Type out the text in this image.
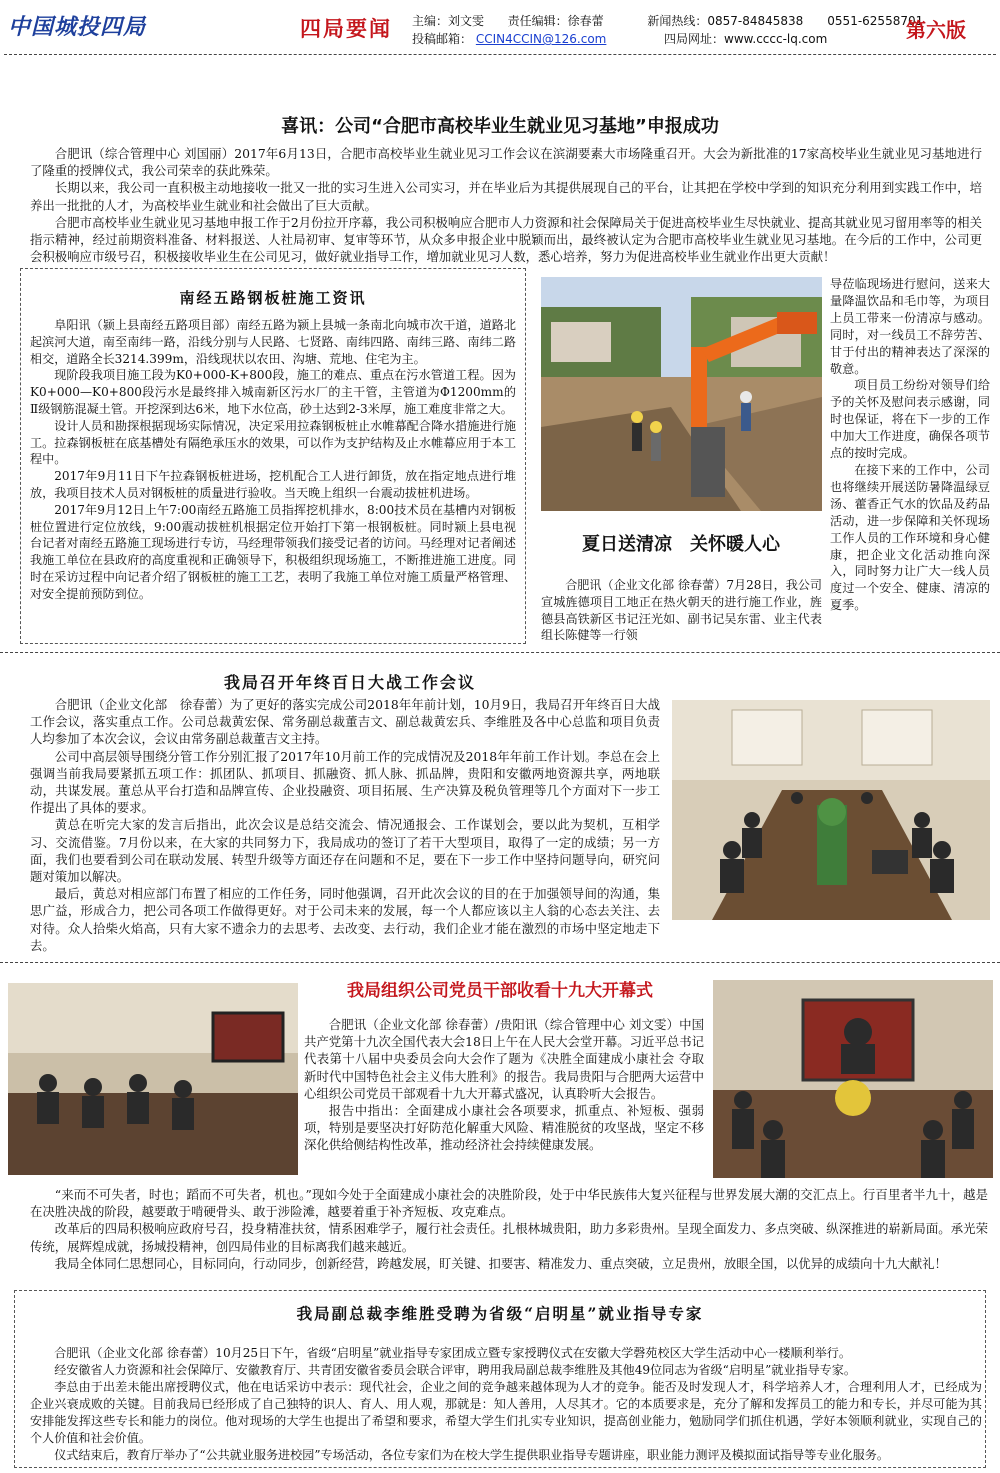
中国城投四局	四局要闻 主编：刘文雯 责任编辑：徐春蕾	新闻热线：0857-84845838　　0551-62558701
投稿邮箱： CCIN4CCIN@126.com	四局网址：www.cccc-lq.com	第六版
喜讯：公司“合肥市高校毕业生就业见习基地”申报成功

合肥讯（综合管理中心 刘国丽）2017年6月13日，合肥市高校毕业生就业见习工作会议在滨湖要素大市场隆重召开。大会为新批准的17家高校毕业生就业见习基地进行了隆重的授牌仪式，我公司荣幸的获此殊荣。

长期以来，我公司一直积极主动地接收一批又一批的实习生进入公司实习，并在毕业后为其提供展现自己的平台，让其把在学校中学到的知识充分利用到实践工作中，培养出一批批的人才，为高校毕业生就业和社会做出了巨大贡献。

合肥市高校毕业生就业见习基地申报工作于2月份拉开序幕，我公司积极响应合肥市人力资源和社会保障局关于促进高校毕业生尽快就业、提高其就业见习留用率等的相关指示精神，经过前期资料准备、材料报送、人社局初审、复审等环节，从众多申报企业中脱颖而出，最终被认定为合肥市高校毕业生就业见习基地。在今后的工作中，公司更会积极响应市级号召，积极接收毕业生在公司见习，做好就业指导工作，增加就业见习人数，悉心培养，努力为促进高校毕业生就业作出更大贡献！

南经五路钢板桩施工资讯

阜阳讯（颍上县南经五路项目部）南经五路为颍上县城一条南北向城市次干道，道路北起滨河大道，南至南纬一路，沿线分别与人民路、七贤路、南纬四路、南纬三路、南纬二路相交，道路全长3214.399m，沿线现状以农田、沟塘、荒地、住宅为主。

现阶段我项目施工段为K0+000-K+800段，施工的难点、重点在污水管道工程。因为K0+000—K0+800段污水是最终排入城南新区污水厂的主干管，主管道为Φ1200mm的Ⅱ级钢筋混凝土管。开挖深到达6米，地下水位高，砂土达到2-3米厚，施工难度非常之大。

设计人员和勘探根据现场实际情况，决定采用拉森钢板桩止水帷幕配合降水措施进行施工。拉森钢板桩在底基槽处有隔绝承压水的效果，可以作为支护结构及止水帷幕应用于本工程中。

2017年9月11日下午拉森钢板桩进场，挖机配合工人进行卸货，放在指定地点进行堆放，我项目技术人员对钢板桩的质量进行验收。当天晚上组织一台震动拔桩机进场。

2017年9月12日上午7:00南经五路施工员指挥挖机排水，8:00技术员在基槽内对钢板桩位置进行定位放线，9:00震动拔桩机根据定位开始打下第一根钢板桩。同时颍上县电视台记者对南经五路施工现场进行专访，马经理带领我们接受记者的访问。马经理对记者阐述我施工单位在县政府的高度重视和正确领导下，积极组织现场施工，不断推进施工进度。同时在采访过程中向记者介绍了钢板桩的施工工艺，表明了我施工单位对施工质量严格管理、对安全提前预防到位。

夏日送清凉　关怀暖人心

合肥讯（企业文化部 徐春蕾）7月28日，我公司宣城旌德项目工地正在热火朝天的进行施工作业，旌德县高铁新区书记汪光如、副书记吴东雷、业主代表组长陈健等一行领

导莅临现场进行慰问，送来大量降温饮品和毛巾等，为项目上员工带来一份清凉与感动。同时，对一线员工不辞劳苦、甘于付出的精神表达了深深的敬意。

项目员工纷纷对领导们给予的关怀及慰问表示感谢，同时也保证，将在下一步的工作中加大工作进度，确保各项节点的按时完成。

在接下来的工作中，公司也将继续开展送防暑降温绿豆汤、藿香正气水的饮品及药品活动，进一步保障和关怀现场工作人员的工作环境和身心健康，把企业文化活动推向深入，同时努力让广大一线人员度过一个安全、健康、清凉的夏季。

我局召开年终百日大战工作会议

合肥讯（企业文化部　徐春蕾）为了更好的落实完成公司2018年年前计划，10月9日，我局召开年终百日大战工作会议，落实重点工作。公司总裁黄宏保、常务副总裁董吉文、副总裁黄宏兵、李维胜及各中心总监和项目负责人均参加了本次会议，会议由常务副总裁董吉文主持。

公司中高层领导围绕分管工作分别汇报了2017年10月前工作的完成情况及2018年年前工作计划。李总在会上强调当前我局要紧抓五项工作：抓团队、抓项目、抓融资、抓人脉、抓品牌，贵阳和安徽两地资源共享，两地联动，共谋发展。董总从平台打造和品牌宣传、企业投融资、项目拓展、生产决算及税负管理等几个方面对下一步工作提出了具体的要求。

黄总在听完大家的发言后指出，此次会议是总结交流会、情况通报会、工作谋划会，要以此为契机，互相学习、交流借鉴。7月份以来，在大家的共同努力下，我局成功的签订了若干大型项目，取得了一定的成绩；另一方面，我们也要看到公司在联动发展、转型升级等方面还存在问题和不足，要在下一步工作中坚持问题导向，研究问题对策加以解决。

最后，黄总对相应部门布置了相应的工作任务，同时他强调，召开此次会议的目的在于加强领导间的沟通，集思广益，形成合力，把公司各项工作做得更好。对于公司未来的发展，每一个人都应该以主人翁的心态去关注、去对待。众人拾柴火焰高，只有大家不遗余力的去思考、去改变、去行动，我们企业才能在激烈的市场中坚定地走下去。

我局组织公司党员干部收看十九大开幕式

合肥讯（企业文化部 徐春蕾）/贵阳讯（综合管理中心 刘文雯）中国共产党第十九次全国代表大会18日上午在人民大会堂开幕。习近平总书记代表第十八届中央委员会向大会作了题为《决胜全面建成小康社会 夺取新时代中国特色社会主义伟大胜利》的报告。我局贵阳与合肥两大运营中心组织公司党员干部观看十九大开幕式盛况，认真聆听大会报告。

报告中指出：全面建成小康社会各项要求，抓重点、补短板、强弱项，特别是要坚决打好防范化解重大风险、精准脱贫的攻坚战，坚定不移深化供给侧结构性改革，推动经济社会持续健康发展。

“来而不可失者，时也；蹈而不可失者，机也。”现如今处于全面建成小康社会的决胜阶段，处于中华民族伟大复兴征程与世界发展大潮的交汇点上。行百里者半九十，越是在决胜决战的阶段，越要敢于啃硬骨头、敢于涉险滩，越要着重于补齐短板、攻克难点。

改革后的四局积极响应政府号召，投身精准扶贫，情系困难学子，履行社会责任。扎根林城贵阳，助力多彩贵州。呈现全面发力、多点突破、纵深推进的崭新局面。承光荣传统，展辉煌成就，扬城投精神，创四局伟业的目标离我们越来越近。

我局全体同仁思想同心，目标同向，行动同步，创新经营，跨越发展，盯关键、扣要害、精准发力、重点突破，立足贵州，放眼全国，以优异的成绩向十九大献礼！

我局副总裁李维胜受聘为省级“启明星”就业指导专家

合肥讯（企业文化部 徐春蕾）10月25日下午，省级“启明星”就业指导专家团成立暨专家授聘仪式在安徽大学磬苑校区大学生活动中心一楼顺利举行。

经安徽省人力资源和社会保障厅、安徽教育厅、共青团安徽省委员会联合评审，聘用我局副总裁李维胜及其他49位同志为省级“启明星”就业指导专家。

李总由于出差未能出席授聘仪式，他在电话采访中表示：现代社会，企业之间的竞争越来越体现为人才的竞争。能否及时发现人才，科学培养人才，合理利用人才，已经成为企业兴衰成败的关键。目前我局已经形成了自己独特的识人、育人、用人观，那就是：知人善用，人尽其才。它的本质要求是，充分了解和发挥员工的能力和专长，并尽可能为其安排能发挥这些专长和能力的岗位。他对现场的大学生也提出了希望和要求，希望大学生们扎实专业知识，提高创业能力，勉励同学们抓住机遇，学好本领顺利就业，实现自己的个人价值和社会价值。

仪式结束后，教育厅举办了“公共就业服务进校园”专场活动，各位专家们为在校大学生提供职业指导专题讲座，职业能力测评及模拟面试指导等专业化服务。
